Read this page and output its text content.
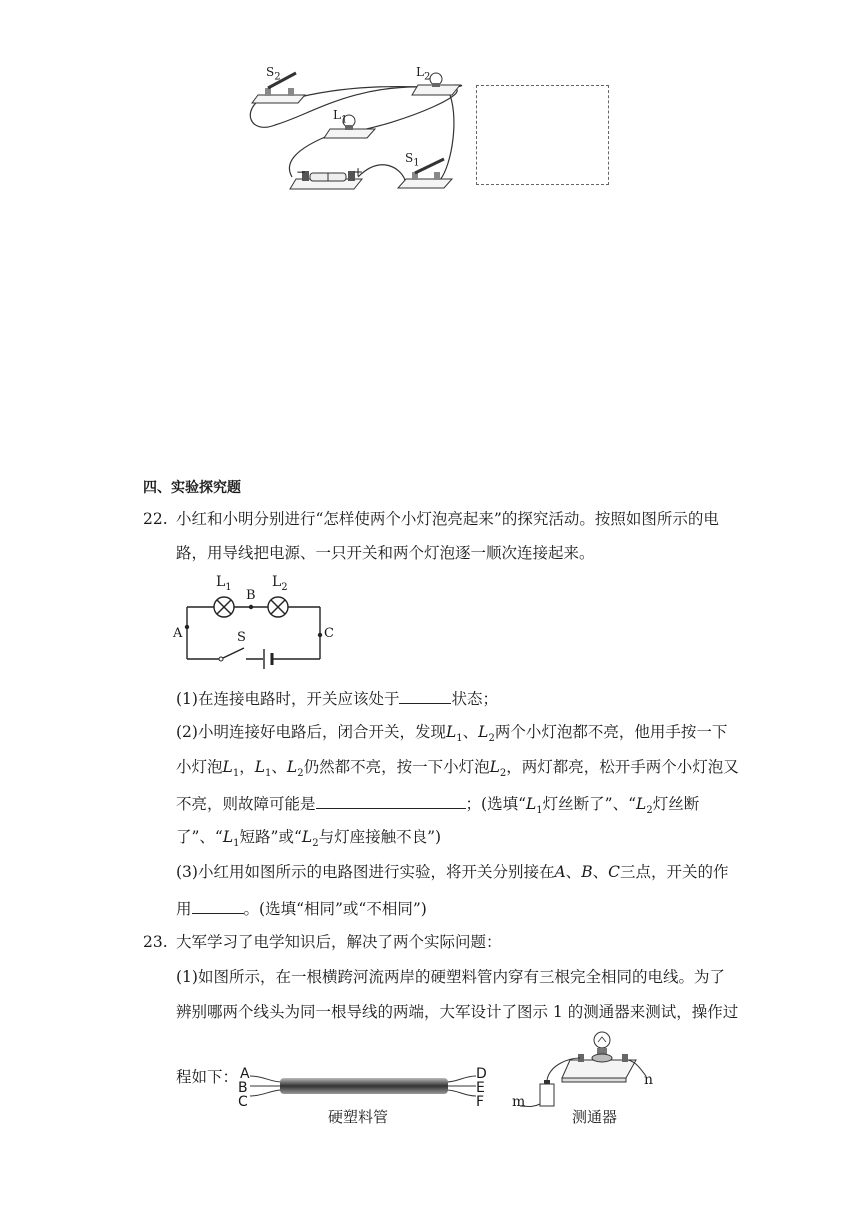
$S_2$	$L_2$
$L_1$
$S_1$
−	+
四、实验探究题
22. 小红和小明分别进行“怎样使两个小灯泡亮起来”的探究活动。按照如图所示的电
路，用导线把电源、一只开关和两个灯泡逐一顺次连接起来。
$L_1$	$L_2$
B
A	C
S
(1)在连接电路时，开关应该处于	状态；
(2)小明连接好电路后，闭合开关，发现$L_1$、$L_2$两个小灯泡都不亮，他用手按一下
小灯泡$L_1$，$L_1$、$L_2$仍然都不亮，按一下小灯泡$L_2$，两灯都亮，松开手两个小灯泡又
不亮，则故障可能是	；(选填“$L_1$灯丝断了”、“$L_2$灯丝断
了”、“$L_1$短路”或“$L_2$与灯座接触不良”)
(3)小红用如图所示的电路图进行实验，将开关分别接在A、B、C三点，开关的作
用	。(选填“相同”或“不相同”)
23. 大军学习了电学知识后，解决了两个实际问题：
(1)如图所示，在一根横跨河流两岸的硬塑料管内穿有三根完全相同的电线。为了
辨别哪两个线头为同一根导线的两端，大军设计了图示 1 的测通器来测试，操作过
程如下： A
B
C
D
E
F
硬塑料管
m
n
测通器
